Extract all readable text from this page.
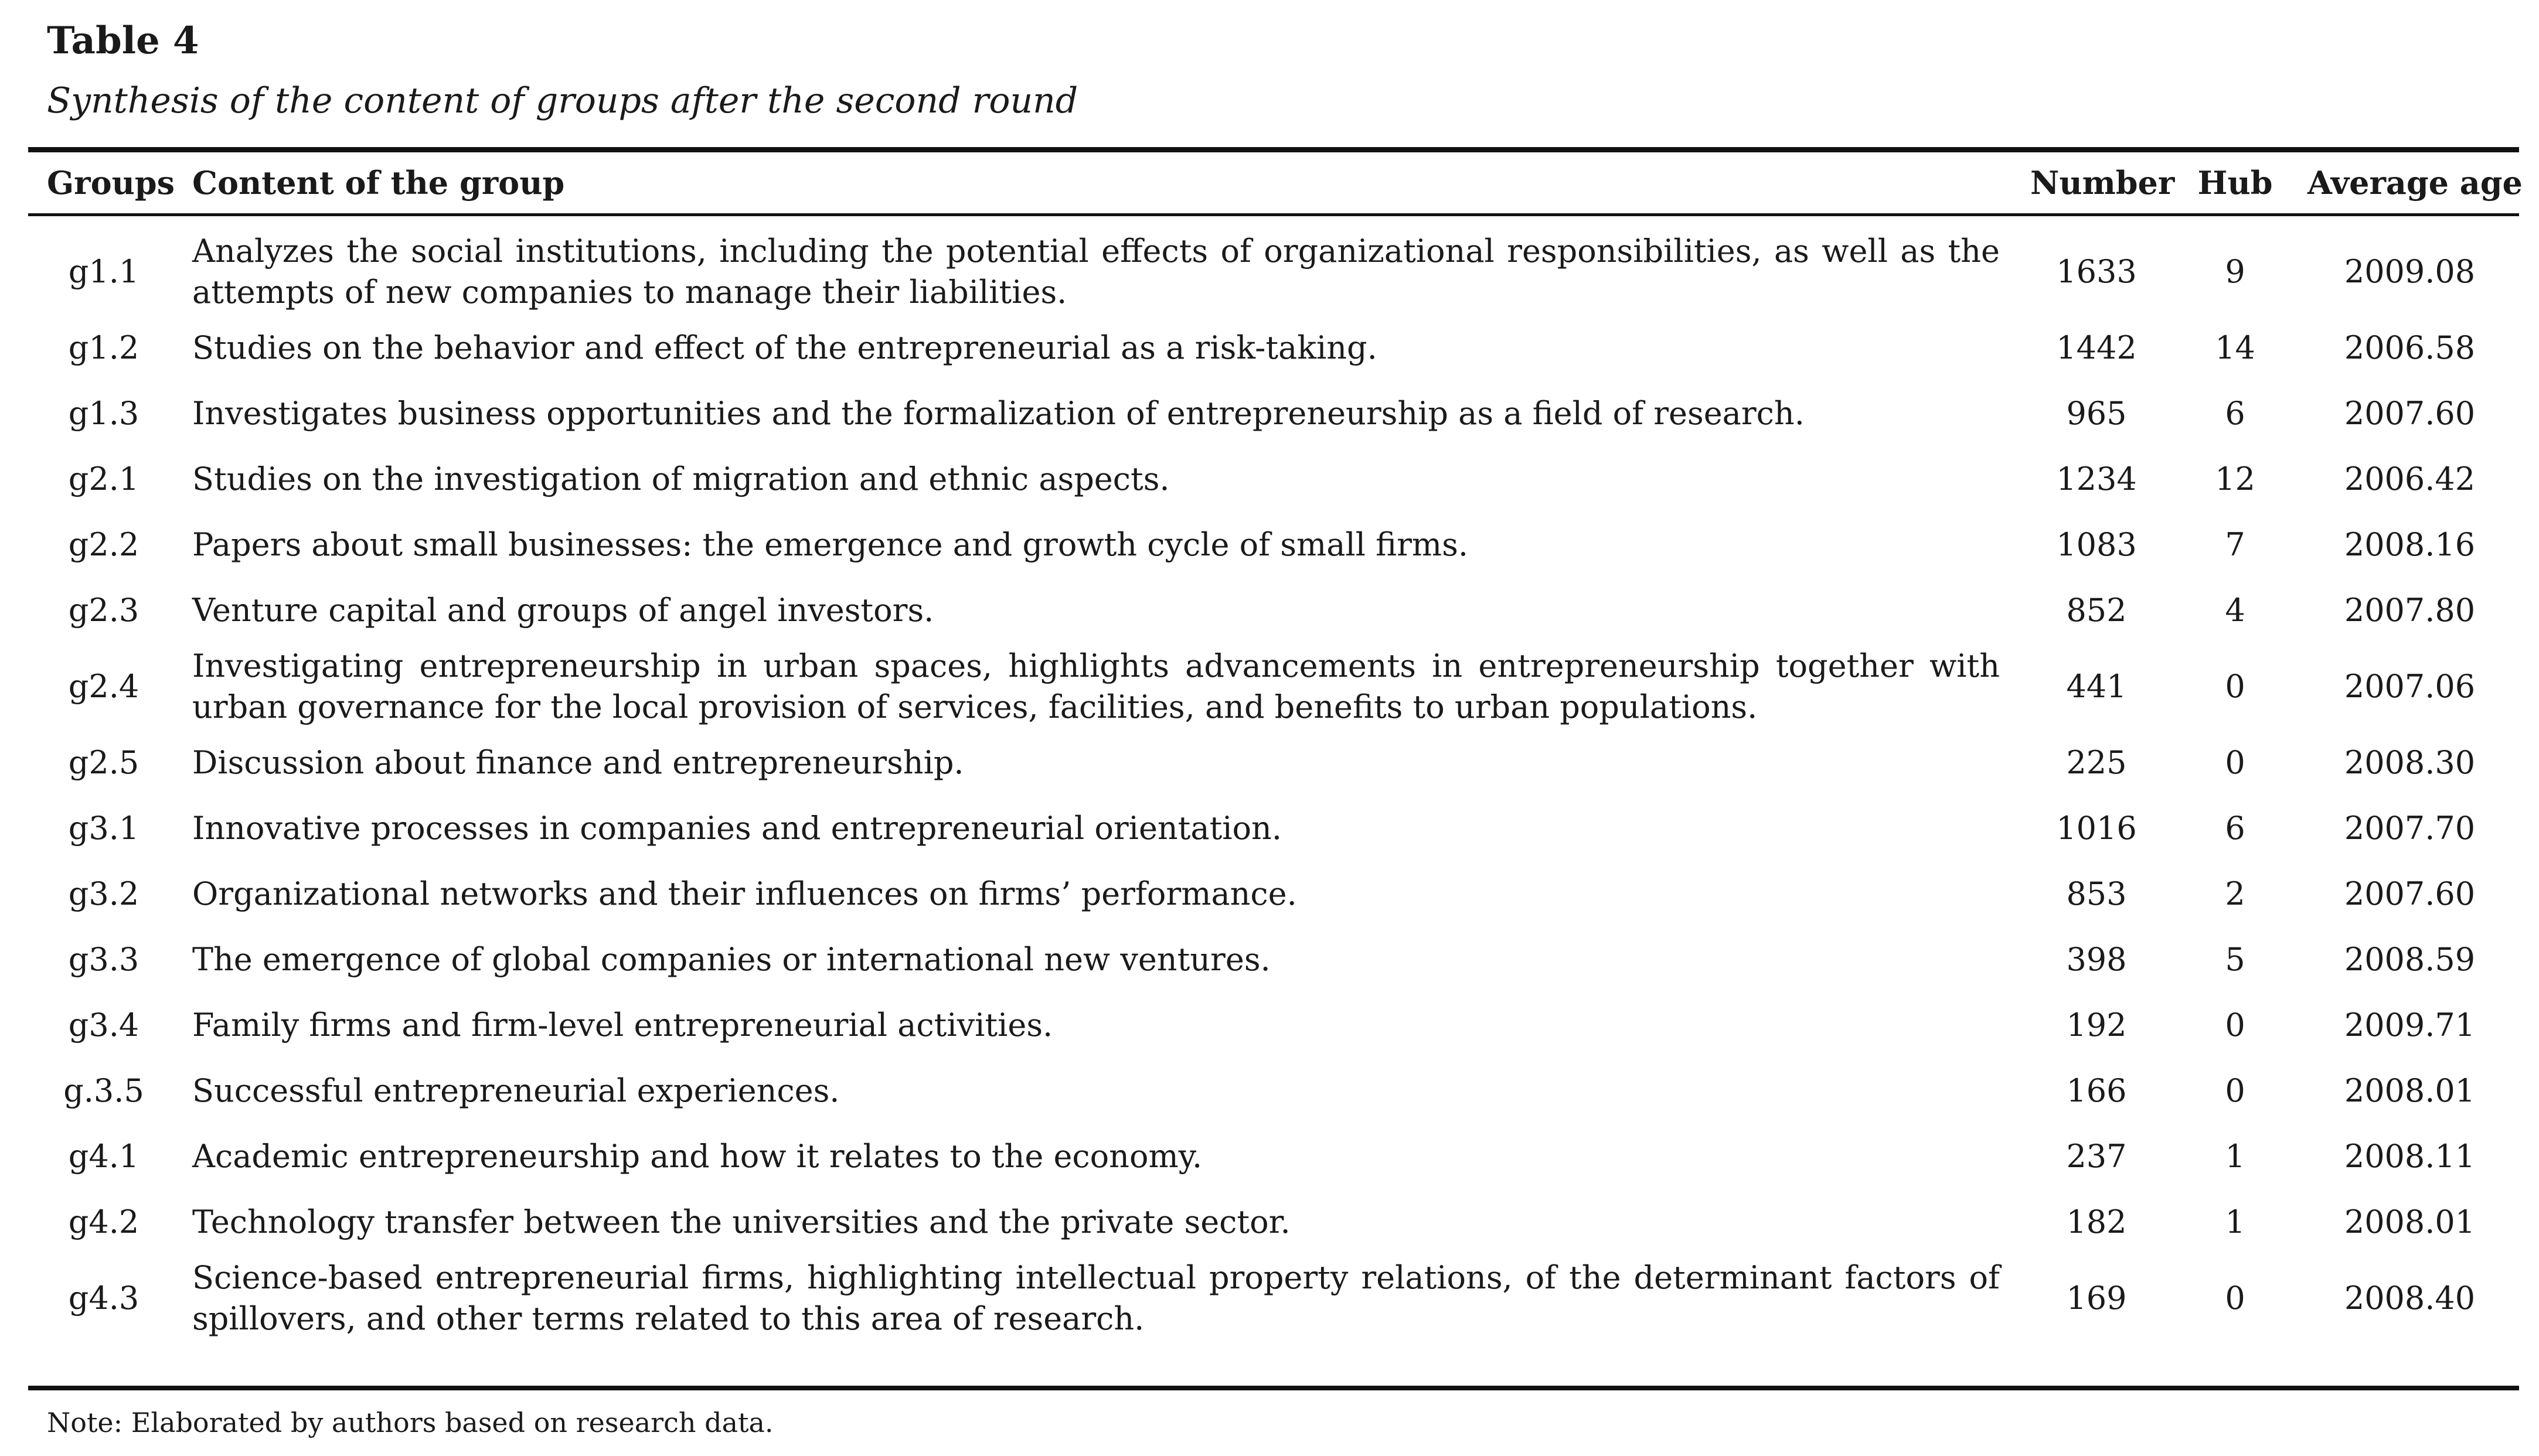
Table 4
Synthesis of the content of groups after the second round
Groups	Content of the group	Number	Hub	Average age

g1.1	Analyzes the social institutions, including the potential effects of organizational responsibilities, as well as the attempts of new companies to manage their liabilities.	1633	9	2009.08
g1.2	Studies on the behavior and effect of the entrepreneurial as a risk-taking.	1442	14	2006.58
g1.3	Investigates business opportunities and the formalization of entrepreneurship as a field of research.	965	6	2007.60
g2.1	Studies on the investigation of migration and ethnic aspects.	1234	12	2006.42
g2.2	Papers about small businesses: the emergence and growth cycle of small firms.	1083	7	2008.16
g2.3	Venture capital and groups of angel investors.	852	4	2007.80
g2.4	Investigating entrepreneurship in urban spaces, highlights advancements in entrepreneurship together with urban governance for the local provision of services, facilities, and benefits to urban populations.	441	0	2007.06
g2.5	Discussion about finance and entrepreneurship.	225	0	2008.30
g3.1	Innovative processes in companies and entrepreneurial orientation.	1016	6	2007.70
g3.2	Organizational networks and their influences on firms’ performance.	853	2	2007.60
g3.3	The emergence of global companies or international new ventures.	398	5	2008.59
g3.4	Family firms and firm-level entrepreneurial activities.	192	0	2009.71
g.3.5	Successful entrepreneurial experiences.	166	0	2008.01
g4.1	Academic entrepreneurship and how it relates to the economy.	237	1	2008.11
g4.2	Technology transfer between the universities and the private sector.	182	1	2008.01
g4.3	Science-based entrepreneurial firms, highlighting intellectual property relations, of the determinant factors of spillovers, and other terms related to this area of research.	169	0	2008.40
Note: Elaborated by authors based on research data.
